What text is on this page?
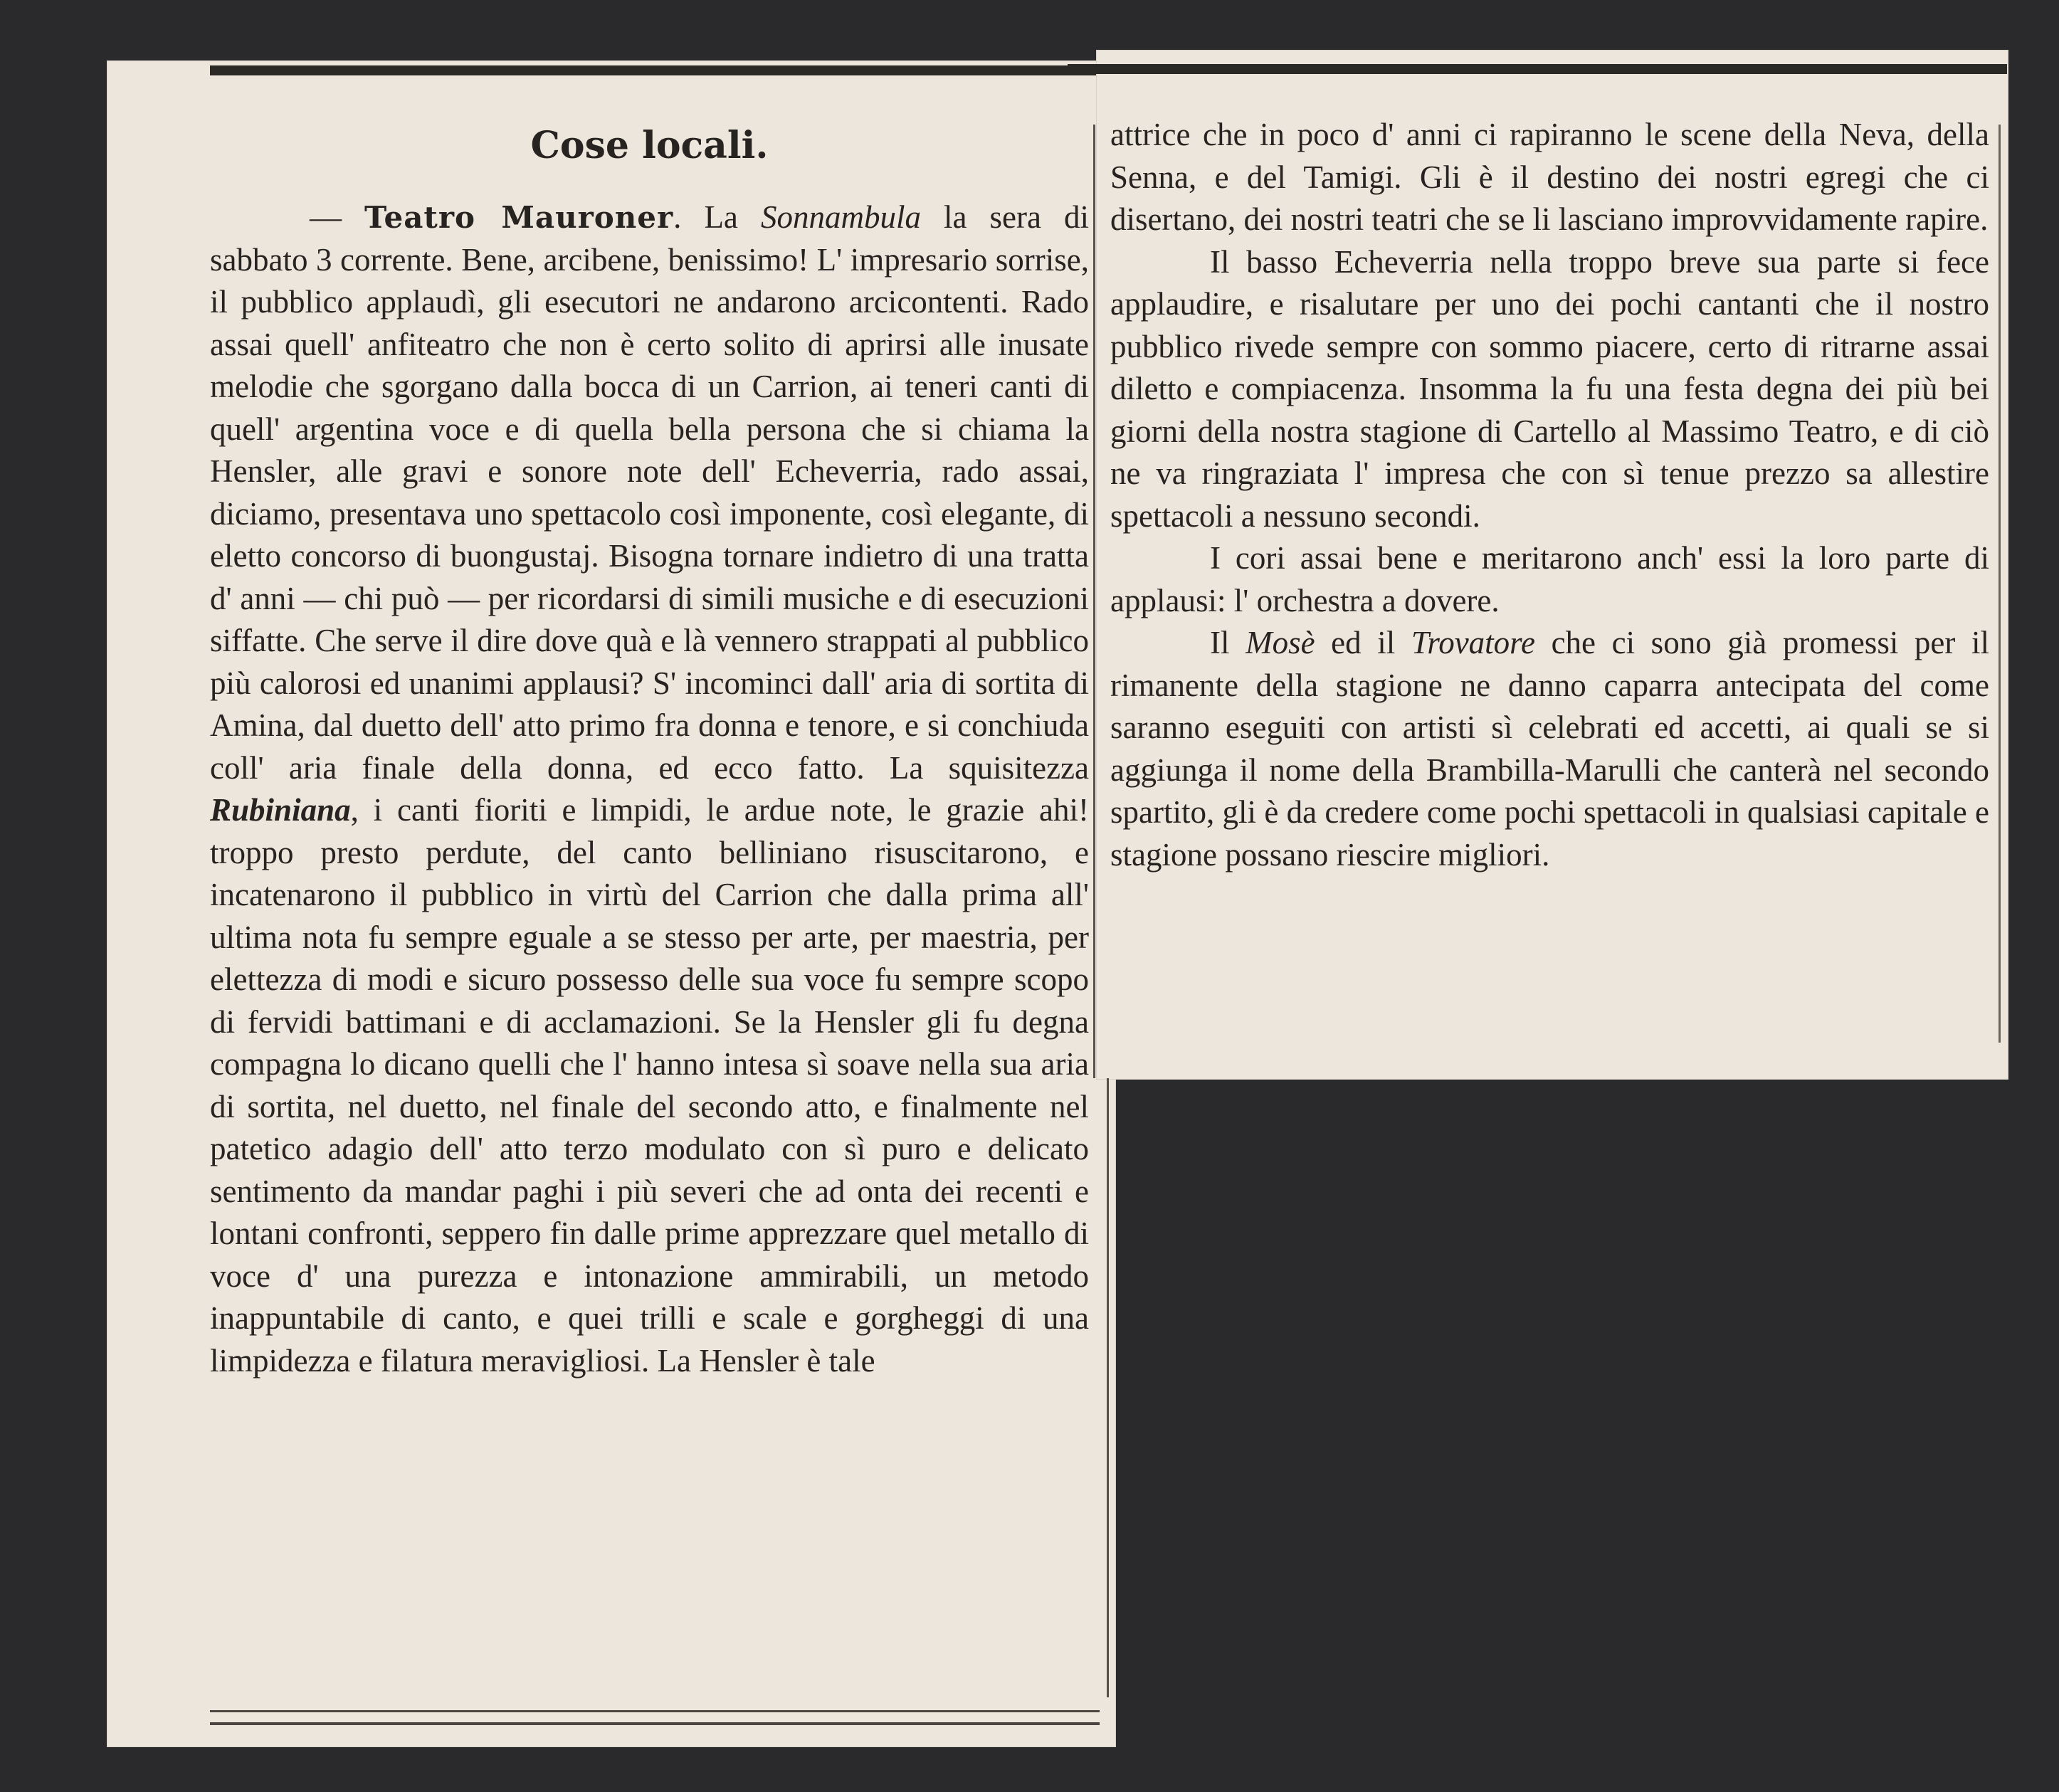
Cose locali.

— Teatro Mauroner. La Sonnambula la sera di sabbato 3 corrente. Bene, arcibene, benissimo! L' impresario sorrise, il pubblico applaudì, gli esecutori ne andarono arcicontenti. Rado assai quell' anfiteatro che non è certo solito di aprirsi alle inusate melodie che sgorgano dalla bocca di un Carrion, ai teneri canti di quell' argentina voce e di quella bella persona che si chiama la Hensler, alle gravi e sonore note dell' Echeverria, rado assai, diciamo, presentava uno spettacolo così imponente, così elegante, di eletto concorso di buongustaj. Bisogna tornare indietro di una tratta d' anni — chi può — per ricordarsi di simili musiche e di esecuzioni siffatte. Che serve il dire dove quà e là vennero strappati al pubblico più calorosi ed unanimi applausi? S' incominci dall' aria di sortita di Amina, dal duetto dell' atto primo fra donna e tenore, e si conchiuda coll' aria finale della donna, ed ecco fatto. La squisitezza Rubiniana, i canti fioriti e limpidi, le ardue note, le grazie ahi! troppo presto perdute, del canto belliniano risuscitarono, e incatenarono il pubblico in virtù del Carrion che dalla prima all' ultima nota fu sempre eguale a se stesso per arte, per maestria, per elettezza di modi e sicuro possesso delle sua voce fu sempre scopo di fervidi battimani e di acclamazioni. Se la Hensler gli fu degna compagna lo dicano quelli che l' hanno intesa sì soave nella sua aria di sortita, nel duetto, nel finale del secondo atto, e finalmente nel patetico adagio dell' atto terzo modulato con sì puro e delicato sentimento da mandar paghi i più severi che ad onta dei recenti e lontani confronti, seppero fin dalle prime apprezzare quel metallo di voce d' una purezza e intonazione ammirabili, un metodo inappuntabile di canto, e quei trilli e scale e gorgheggi di una limpidezza e filatura meravigliosi. La Hensler è tale

attrice che in poco d' anni ci rapiranno le scene della Neva, della Senna, e del Tamigi. Gli è il destino dei nostri egregi che ci disertano, dei nostri teatri che se li lasciano improvvidamente rapire.

Il basso Echeverria nella troppo breve sua parte si fece applaudire, e risalutare per uno dei pochi cantanti che il nostro pubblico rivede sempre con sommo piacere, certo di ritrarne assai diletto e compiacenza. Insomma la fu una festa degna dei più bei giorni della nostra stagione di Cartello al Massimo Teatro, e di ciò ne va ringraziata l' impresa che con sì tenue prezzo sa allestire spettacoli a nessuno secondi.

I cori assai bene e meritarono anch' essi la loro parte di applausi: l' orchestra a dovere.

Il Mosè ed il Trovatore che ci sono già promessi per il rimanente della stagione ne danno caparra antecipata del come saranno eseguiti con artisti sì celebrati ed accetti, ai quali se si aggiunga il nome della Brambilla-Marulli che canterà nel secondo spartito, gli è da credere come pochi spettacoli in qualsiasi capitale e stagione possano riescire migliori.
